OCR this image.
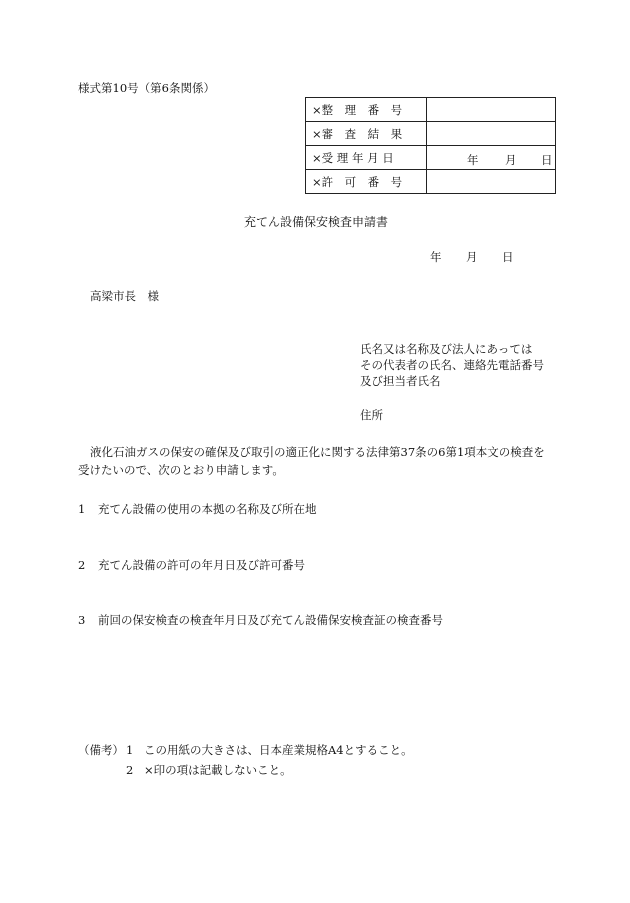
様式第10号（第6条関係）
×整　理　番　号	
×審　査　結　果	
×受 理 年 月 日	年 月 日

×許　可　番　号	
充てん設備保安検査申請書
年 月 日
高梁市長　様
氏名又は名称及び法人にあっては
その代表者の氏名、連絡先電話番号
及び担当者氏名
住所
液化石油ガスの保安の確保及び取引の適正化に関する法律第37条の6第1項本文の検査を
受けたいので、次のとおり申請します。
1 充てん設備の使用の本拠の名称及び所在地
2 充てん設備の許可の年月日及び許可番号
3 前回の保安検査の検査年月日及び充てん設備保安検査証の検査番号
（備考） 1 この用紙の大きさは、日本産業規格A4とすること。
2 ×印の項は記載しないこと。
